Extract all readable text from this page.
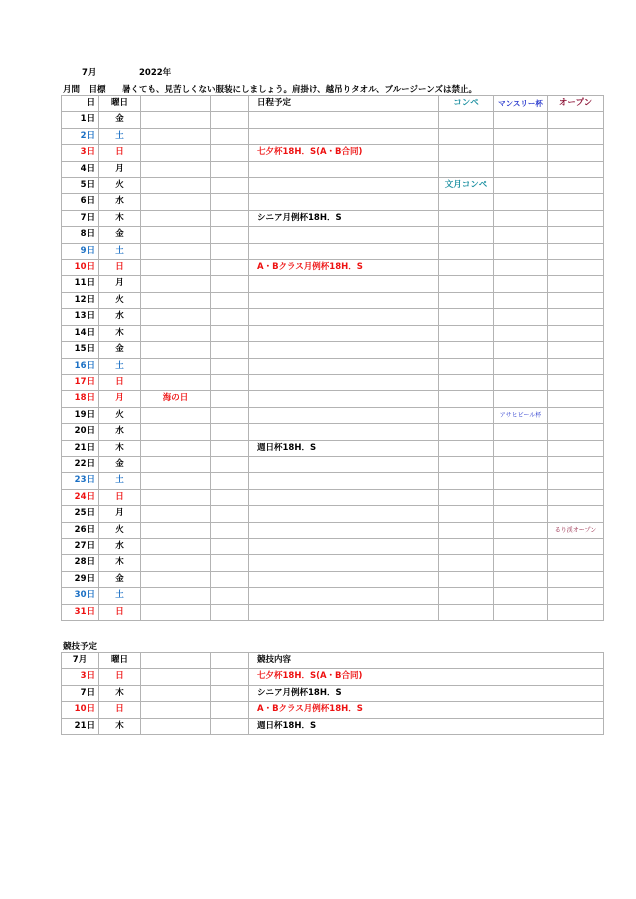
7月	2022年
月間　目標 暑くても、見苦しくない服装にしましょう。肩掛け、越吊りタオル、ブルージーンズは禁止。
日	曜日			日程予定	コンペ	マンスリー杯	オープン
1日	金						
2日	土						
3日	日			七夕杯18H．S(A・B合同)			
4日	月						
5日	火				文月コンペ		
6日	水						
7日	木			シニア月例杯18H．S			
8日	金						
9日	土						
10日	日			A・Bクラス月例杯18H．S			
11日	月						
12日	火						
13日	水						
14日	木						
15日	金						
16日	土						
17日	日						
18日	月	海の日					
19日	火					アサヒビール杯	
20日	水						
21日	木			週日杯18H．S			
22日	金						
23日	土						
24日	日						
25日	月						
26日	火						るり渓オープン
27日	水						
28日	木						
29日	金						
30日	土						
31日	日						
競技予定
7月	曜日			競技内容
3日	日			七夕杯18H．S(A・B合同)
7日	木			シニア月例杯18H．S
10日	日			A・Bクラス月例杯18H．S
21日	木			週日杯18H．S
